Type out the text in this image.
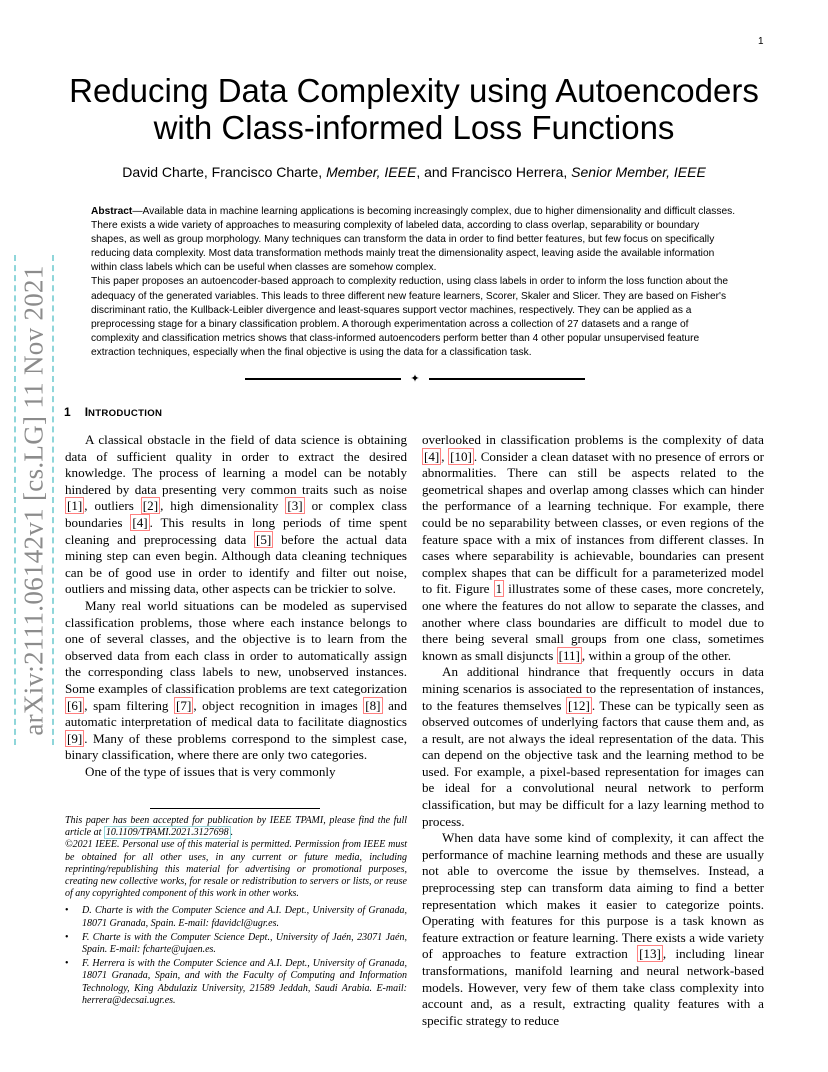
1
arXiv:2111.06142v1 [cs.LG] 11 Nov 2021
Reducing Data Complexity using Autoencoders with Class-informed Loss Functions
David Charte, Francisco Charte, Member, IEEE, and Francisco Herrera, Senior Member, IEEE

Abstract—Available data in machine learning applications is becoming increasingly complex, due to higher dimensionality and difficult classes. There exists a wide variety of approaches to measuring complexity of labeled data, according to class overlap, separability or boundary shapes, as well as group morphology. Many techniques can transform the data in order to find better features, but few focus on specifically reducing data complexity. Most data transformation methods mainly treat the dimensionality aspect, leaving aside the available information within class labels which can be useful when classes are somehow complex.

This paper proposes an autoencoder-based approach to complexity reduction, using class labels in order to inform the loss function about the adequacy of the generated variables. This leads to three different new feature learners, Scorer, Skaler and Slicer. They are based on Fisher's discriminant ratio, the Kullback-Leibler divergence and least-squares support vector machines, respectively. They can be applied as a preprocessing stage for a binary classification problem. A thorough experimentation across a collection of 27 datasets and a range of complexity and classification metrics shows that class-informed autoencoders perform better than 4 other popular unsupervised feature extraction techniques, especially when the final objective is using the data for a classification task.

✦
1 INTRODUCTION

A classical obstacle in the field of data science is obtaining data of sufficient quality in order to extract the desired knowledge. The process of learning a model can be notably hindered by data presenting very common traits such as noise [1] , outliers [2] , high dimensionality [3] or complex class boundaries [4] . This results in long periods of time spent cleaning and preprocessing data [5] before the actual data mining step can even begin. Although data cleaning techniques can be of good use in order to identify and filter out noise, outliers and missing data, other aspects can be trickier to solve.

Many real world situations can be modeled as supervised classification problems, those where each instance belongs to one of several classes, and the objective is to learn from the observed data from each class in order to automatically assign the corresponding class labels to new, unobserved instances. Some examples of classification problems are text categorization [6] , spam filtering [7] , object recognition in images [8] and automatic interpretation of medical data to facilitate diagnostics [9] . Many of these problems correspond to the simplest case, binary classification, where there are only two categories.

One of the type of issues that is very commonly

overlooked in classification problems is the complexity of data [4] , [10] . Consider a clean dataset with no presence of errors or abnormalities. There can still be aspects related to the geometrical shapes and overlap among classes which can hinder the performance of a learning technique. For example, there could be no separability between classes, or even regions of the feature space with a mix of instances from different classes. In cases where separability is achievable, boundaries can present complex shapes that can be difficult for a parameterized model to fit. Figure 1 illustrates some of these cases, more concretely, one where the features do not allow to separate the classes, and another where class boundaries are difficult to model due to there being several small groups from one class, sometimes known as small disjuncts [11] , within a group of the other.

An additional hindrance that frequently occurs in data mining scenarios is associated to the representation of instances, to the features themselves [12] . These can be typically seen as observed outcomes of underlying factors that cause them and, as a result, are not always the ideal representation of the data. This can depend on the objective task and the learning method to be used. For example, a pixel-based representation for images can be ideal for a convolutional neural network to perform classification, but may be difficult for a lazy learning method to process.

When data have some kind of complexity, it can affect the performance of machine learning methods and these are usually not able to overcome the issue by themselves. Instead, a preprocessing step can transform data aiming to find a better representation which makes it easier to categorize points. Operating with features for this purpose is a task known as feature extraction or feature learning. There exists a wide variety of approaches to feature extraction [13] , including linear transformations, manifold learning and neural network-based models. However, very few of them take class complexity into account and, as a result, extracting quality features with a specific strategy to reduce

This paper has been accepted for publication by IEEE TPAMI, please find the full article at 10.1109/TPAMI.2021.3127698 .

©2021 IEEE. Personal use of this material is permitted. Permission from IEEE must be obtained for all other uses, in any current or future media, including reprinting/republishing this material for advertising or promotional purposes, creating new collective works, for resale or redistribution to servers or lists, or reuse of any copyrighted component of this work in other works.

• D. Charte is with the Computer Science and A.I. Dept., University of Granada, 18071 Granada, Spain. E-mail: fdavidcl@ugr.es.
• F. Charte is with the Computer Science Dept., University of Jaén, 23071 Jaén, Spain. E-mail: fcharte@ujaen.es.
• F. Herrera is with the Computer Science and A.I. Dept., University of Granada, 18071 Granada, Spain, and with the Faculty of Computing and Information Technology, King Abdulaziz University, 21589 Jeddah, Saudi Arabia. E-mail: herrera@decsai.ugr.es.
